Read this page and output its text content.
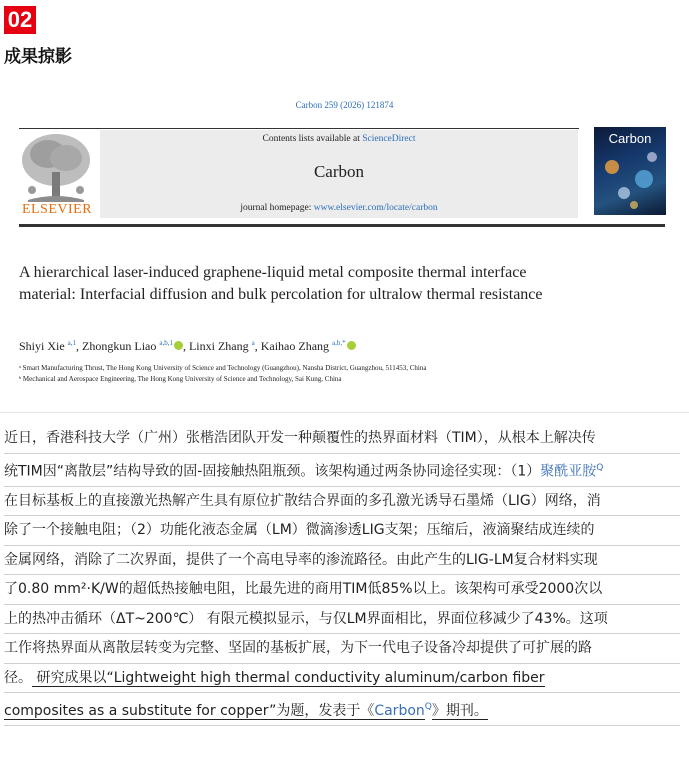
02
成果掠影
Carbon 259 (2026) 121874
ELSEVIER
Contents lists available at ScienceDirect
Carbon
journal homepage: www.elsevier.com/locate/carbon
Carbon
A hierarchical laser-induced graphene-liquid metal composite thermal interface material: Interfacial diffusion and bulk percolation for ultralow thermal resistance
Shiyi Xie $^{a,1}$, Zhongkun Liao $^{a,b,1}$ , Linxi Zhang $^a$, Kaihao Zhang $^{a,b,*}$
ᵃ Smart Manufacturing Thrust, The Hong Kong University of Science and Technology (Guangzhou), Nansha District, Guangzhou, 511453, China
ᵇ Mechanical and Aerospace Engineering, The Hong Kong University of Science and Technology, Sai Kung, China
近日，香港科技大学（广州）张楷浩团队开发一种颠覆性的热界面材料（TIM），从根本上解决传
统TIM因“离散层”结构导致的固-固接触热阻瓶颈。该架构通过两条协同途径实现：（1）聚酰亚胺$^Q$
在目标基板上的直接激光热解产生具有原位扩散结合界面的多孔激光诱导石墨烯（LIG）网络，消
除了一个接触电阻；（2）功能化液态金属（LM）微滴渗透LIG支架；压缩后，液滴聚结成连续的
金属网络，消除了二次界面，提供了一个高电导率的渗流路径。由此产生的LIG-LM复合材料实现
了0.80 mm²·K/W的超低热接触电阻，比最先进的商用TIM低85%以上。该架构可承受2000次以
上的热冲击循环（ΔT~200℃） 有限元模拟显示，与仅LM界面相比，界面位移减少了43%。这项
工作将热界面从离散层转变为完整、坚固的基板扩展，为下一代电子设备冷却提供了可扩展的路
径。 研究成果以“Lightweight high thermal conductivity aluminum/carbon fiber
composites as a substitute for copper”为题，发表于《Carbon$^Q$》期刊。
